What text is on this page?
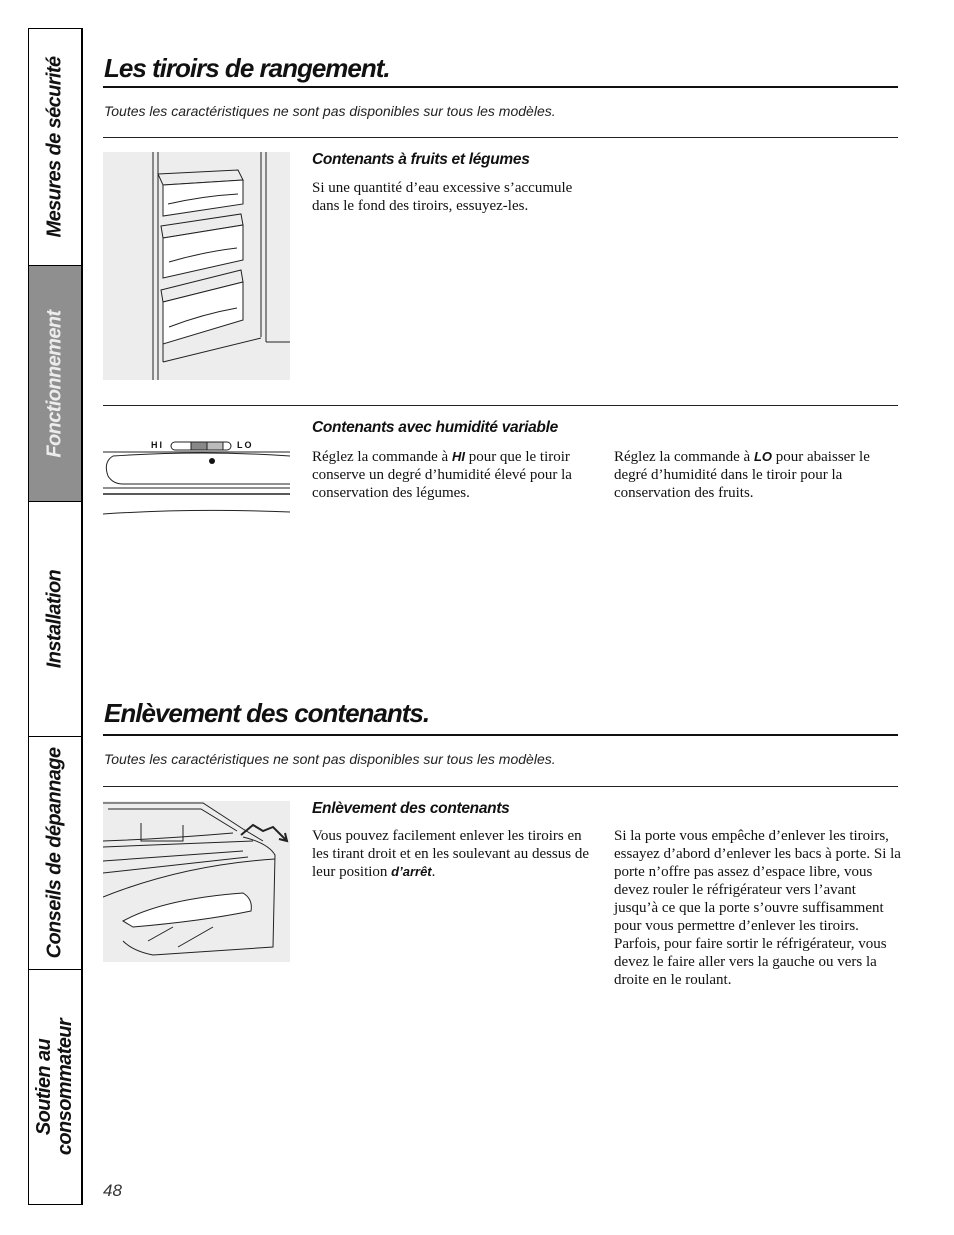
Mesures de sécurité
Fonctionnement
Installation
Conseils de dépannage
Soutien au consommateur
Les tiroirs de rangement.
Toutes les caractéristiques ne sont pas disponibles sur tous les modèles.
Contenants à fruits et légumes
Si une quantité d’eau excessive s’accumule dans le fond des tiroirs, essuyez-les.
HI	LO
Contenants avec humidité variable
Réglez la commande à HI pour que le tiroir conserve un degré d’humidité élevé pour la conservation des légumes.
Réglez la commande à LO pour abaisser le degré d’humidité dans le tiroir pour la conservation des fruits.
Enlèvement des contenants.
Toutes les caractéristiques ne sont pas disponibles sur tous les modèles.
Enlèvement des contenants
Vous pouvez facilement enlever les tiroirs en les tirant droit et en les soulevant au dessus de leur position d’arrêt.
Si la porte vous empêche d’enlever les tiroirs, essayez d’abord d’enlever les bacs à porte. Si la porte n’offre pas assez d’espace libre, vous devez rouler le réfrigérateur vers l’avant jusqu’à ce que la porte s’ouvre suffisamment pour vous permettre d’enlever les tiroirs. Parfois, pour faire sortir le réfrigérateur, vous devez le faire aller vers la gauche ou vers la droite en le roulant.
48
